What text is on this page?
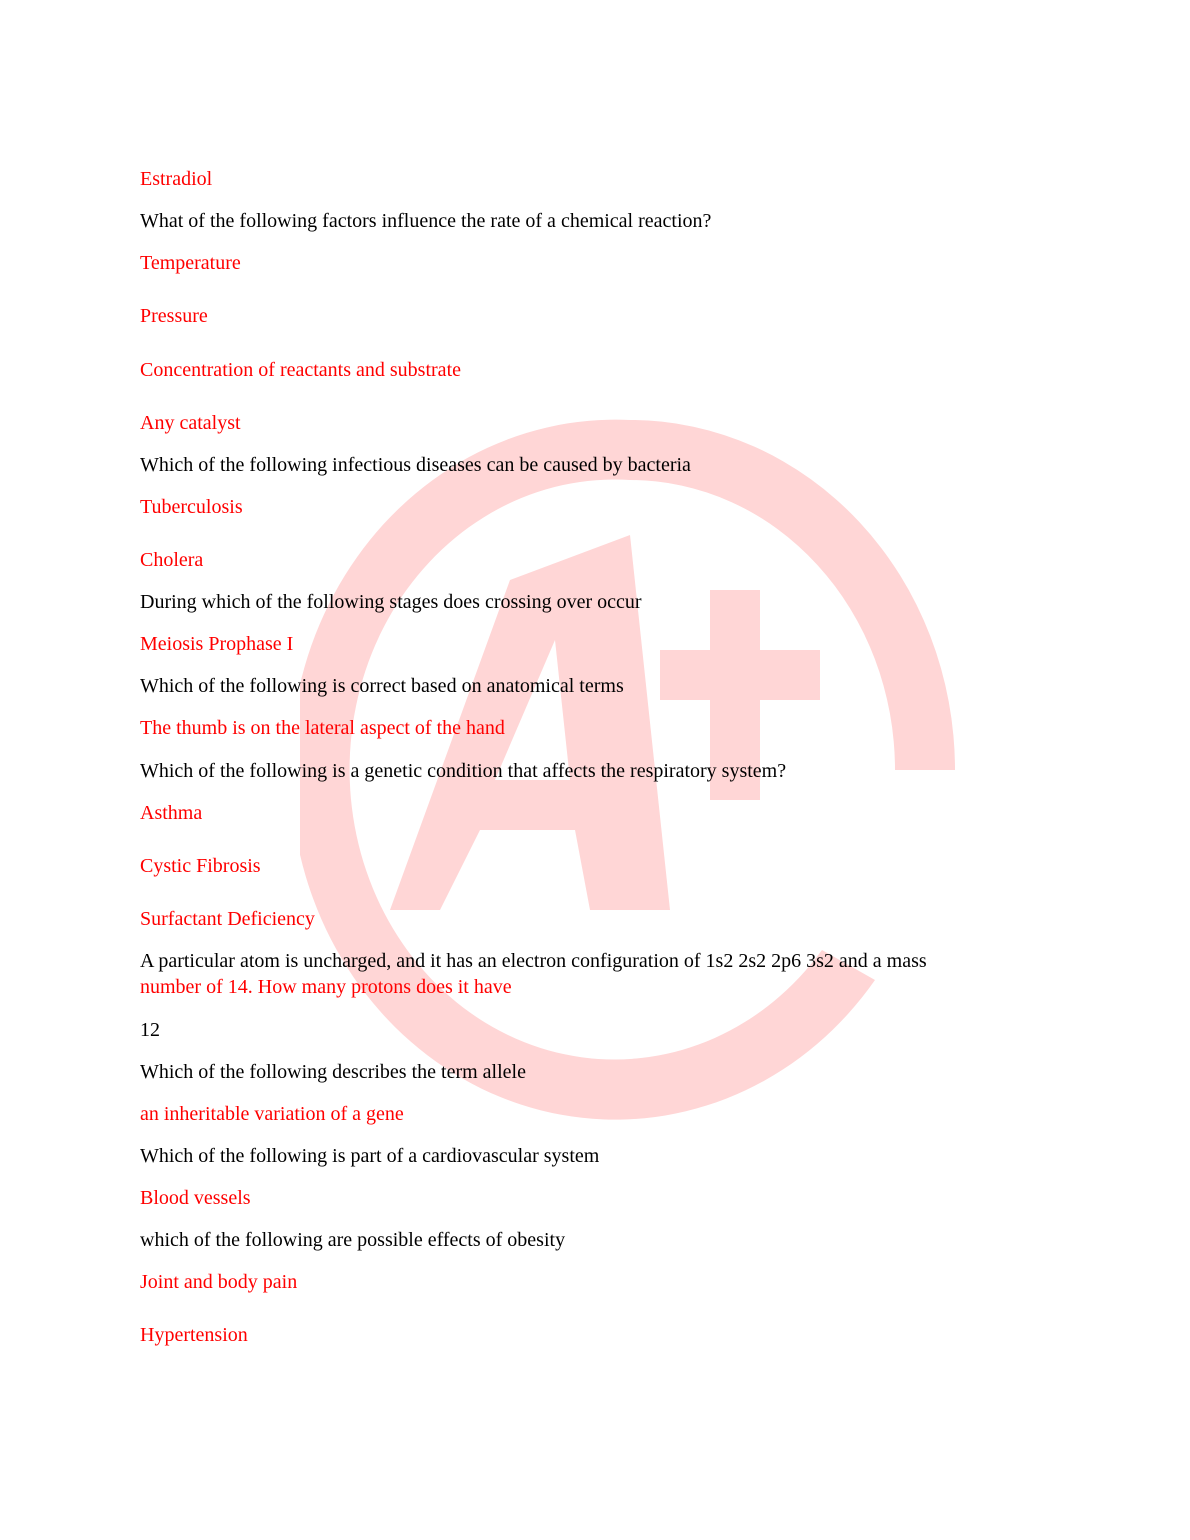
Estradiol

What of the following factors influence the rate of a chemical reaction?

Temperature

Pressure

Concentration of reactants and substrate

Any catalyst

Which of the following infectious diseases can be caused by bacteria

Tuberculosis

Cholera

During which of the following stages does crossing over occur

Meiosis Prophase I

Which of the following is correct based on anatomical terms

The thumb is on the lateral aspect of the hand

Which of the following is a genetic condition that affects the respiratory system?

Asthma

Cystic Fibrosis

Surfactant Deficiency

A particular atom is uncharged, and it has an electron configuration of 1s2 2s2 2p6 3s2 and a mass

number of 14. How many protons does it have

12

Which of the following describes the term allele

an inheritable variation of a gene

Which of the following is part of a cardiovascular system

Blood vessels

which of the following are possible effects of obesity

Joint and body pain

Hypertension
